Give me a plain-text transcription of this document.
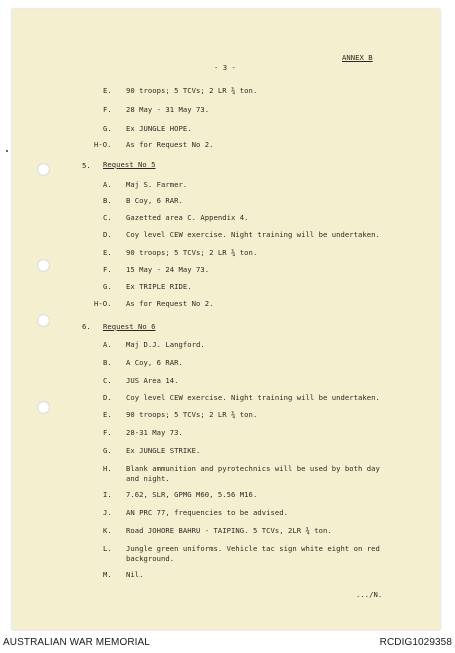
- 3 -
ANNEX B
E. 90 troops; 5 TCVs; 2 LR ¾ ton.
F. 28 May - 31 May 73.
G. Ex JUNGLE HOPE.
H-O. As for Request No 2.
5. Request No 5
A. Maj S. Farmer.
B. B Coy, 6 RAR.
C. Gazetted area C. Appendix 4.
D. Coy level CEW exercise. Night training will be undertaken.
E. 90 troops; 5 TCVs; 2 LR ¾ ton.
F. 15 May - 24 May 73.
G. Ex TRIPLE RIDE.
H-O. As for Request No 2.
6. Request No 6
A. Maj D.J. Langford.
B. A Coy, 6 RAR.
C. JUS Area 14.
D. Coy level CEW exercise. Night training will be undertaken.
E. 90 troops; 5 TCVs; 2 LR ¾ ton.
F. 28-31 May 73.
G. Ex JUNGLE STRIKE.
H. Blank ammunition and pyrotechnics will be used by both day
and night.
I. 7.62, SLR, GPMG M60, 5.56 M16.
J. AN PRC 77, frequencies to be advised.
K. Road JOHORE BAHRU - TAIPING. 5 TCVs, 2LR ¾ ton.
L. Jungle green uniforms. Vehicle tac sign white eight on red
background.
M. Nil.
.../N.
AUSTRALIAN WAR MEMORIAL	RCDIG1029358
